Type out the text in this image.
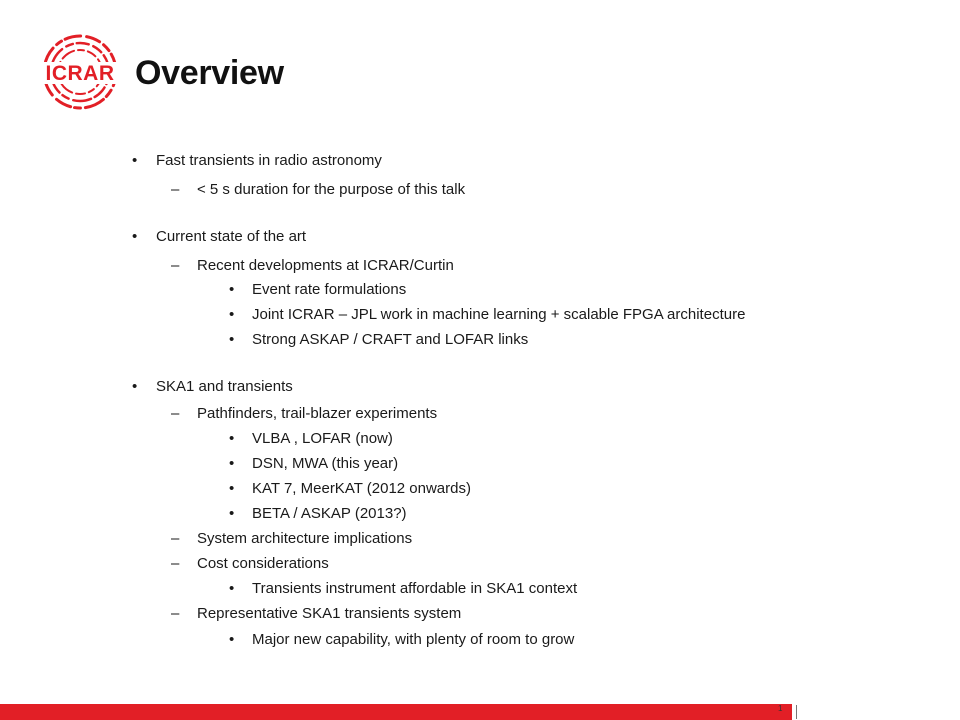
ICRAR Overview
• Fast transients in radio astronomy
– < 5 s duration for the purpose of this talk
• Current state of the art
– Recent developments at ICRAR/Curtin
• Event rate formulations
• Joint ICRAR – JPL work in machine learning + scalable FPGA architecture
• Strong ASKAP / CRAFT and LOFAR links
• SKA1 and transients
– Pathfinders, trail-blazer experiments
• VLBA , LOFAR (now)
• DSN, MWA (this year)
• KAT 7, MeerKAT (2012 onwards)
• BETA / ASKAP (2013?)
– System architecture implications
– Cost considerations
• Transients instrument affordable in SKA1 context
– Representative SKA1 transients system
• Major new capability, with plenty of room to grow
1
